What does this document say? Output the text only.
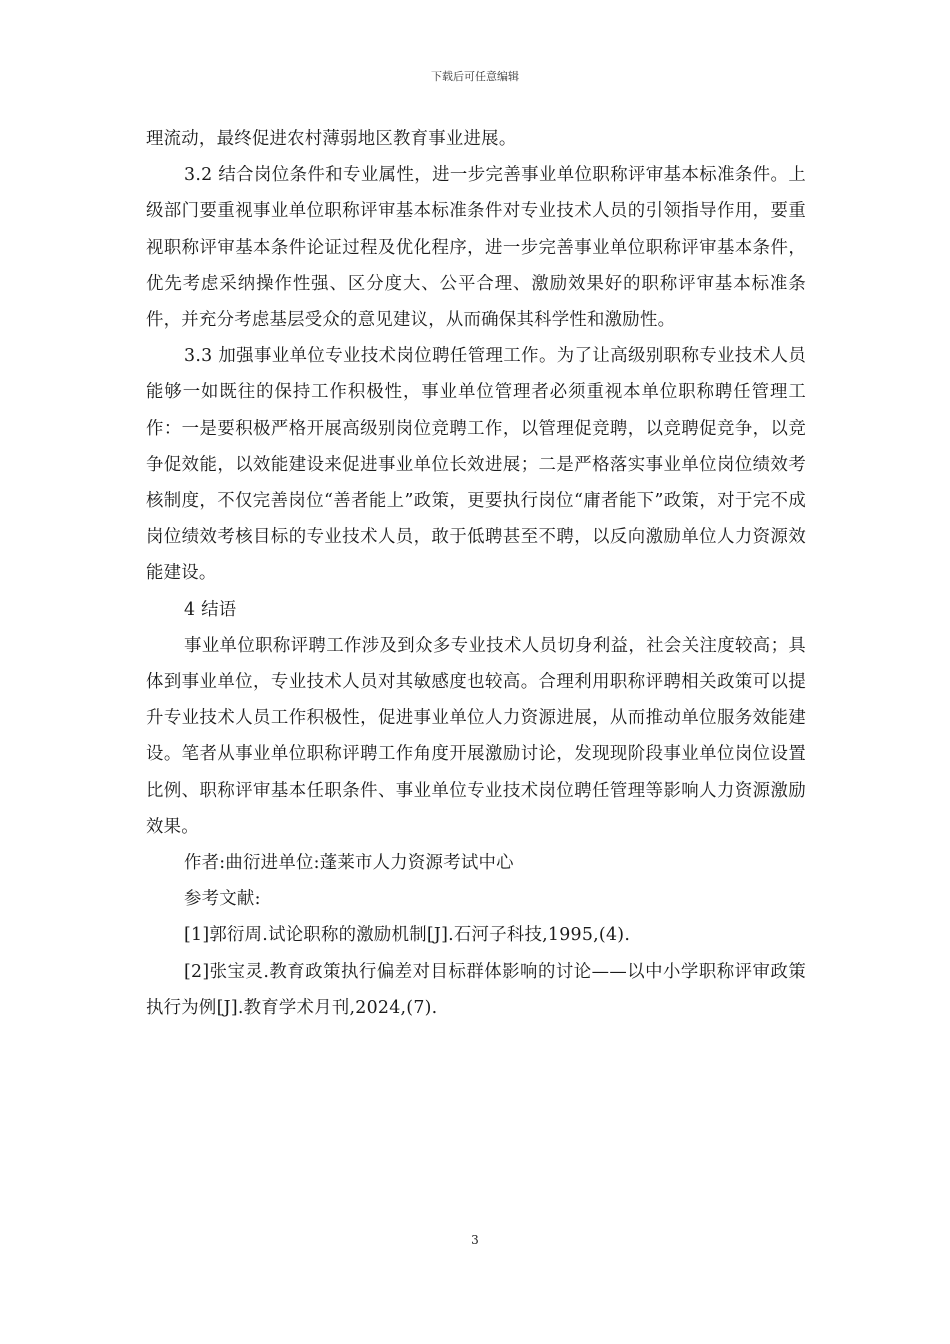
下载后可任意编辑

理流动，最终促进农村薄弱地区教育事业进展。

3.2 结合岗位条件和专业属性，进一步完善事业单位职称评审基本标准条件。上级部门要重视事业单位职称评审基本标准条件对专业技术人员的引领指导作用，要重视职称评审基本条件论证过程及优化程序，进一步完善事业单位职称评审基本条件，优先考虑采纳操作性强、区分度大、公平合理、激励效果好的职称评审基本标准条件，并充分考虑基层受众的意见建议，从而确保其科学性和激励性。

3.3 加强事业单位专业技术岗位聘任管理工作。为了让高级别职称专业技术人员能够一如既往的保持工作积极性，事业单位管理者必须重视本单位职称聘任管理工作：一是要积极严格开展高级别岗位竞聘工作，以管理促竞聘，以竞聘促竞争，以竞争促效能，以效能建设来促进事业单位长效进展；二是严格落实事业单位岗位绩效考核制度，不仅完善岗位“善者能上”政策，更要执行岗位“庸者能下”政策，对于完不成岗位绩效考核目标的专业技术人员，敢于低聘甚至不聘，以反向激励单位人力资源效能建设。

4 结语

事业单位职称评聘工作涉及到众多专业技术人员切身利益，社会关注度较高；具体到事业单位，专业技术人员对其敏感度也较高。合理利用职称评聘相关政策可以提升专业技术人员工作积极性，促进事业单位人力资源进展，从而推动单位服务效能建设。笔者从事业单位职称评聘工作角度开展激励讨论，发现现阶段事业单位岗位设置比例、职称评审基本任职条件、事业单位专业技术岗位聘任管理等影响人力资源激励效果。

作者:曲衍进单位:蓬莱市人力资源考试中心

参考文献:

[1]郭衍周.试论职称的激励机制[J].石河子科技,1995,(4).

[2]张宝灵.教育政策执行偏差对目标群体影响的讨论——以中小学职称评审政策执行为例[J].教育学术月刊,2024,(7).

3
